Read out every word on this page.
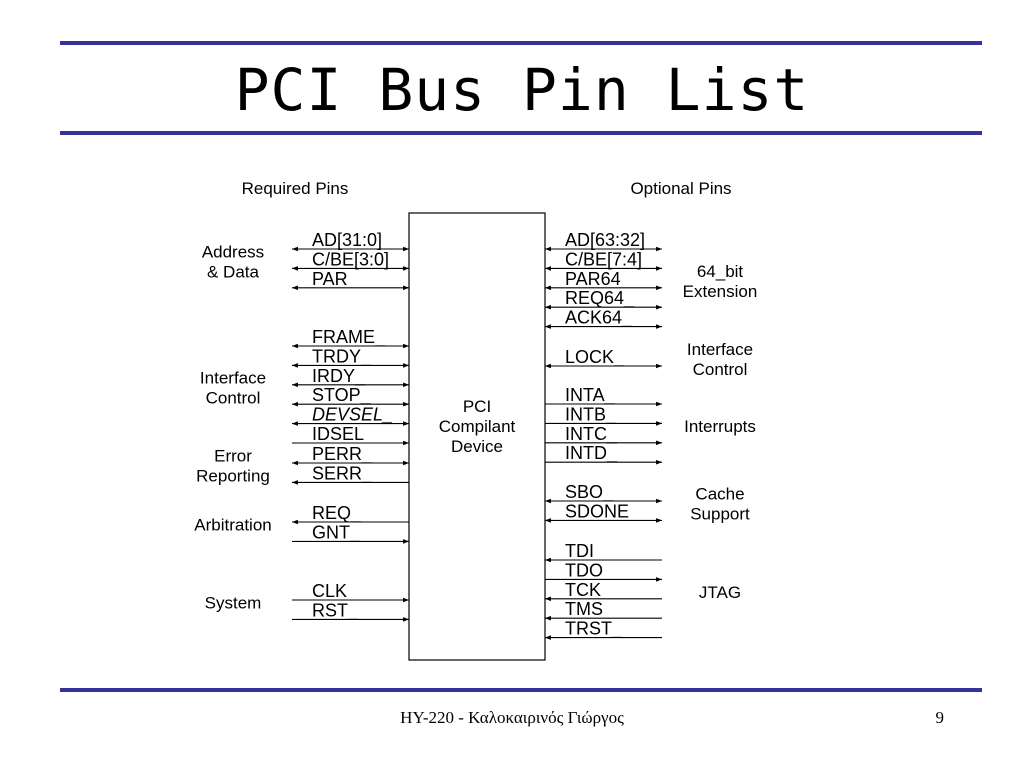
PCI Bus Pin List
Required Pins	Optional Pins
PCI
Compilant
Device
AD[31:0]
C/BE[3:0]
PAR
Address
& Data
FRAME_
TRDY_
IRDY_
STOP_
DEVSEL_
IDSEL
Interface
Control
PERR_
SERR_
Error
Reporting
REQ_
GNT_
Arbitration
CLK
RST_
System
AD[63:32]
C/BE[7:4]
PAR64
REQ64_
ACK64_
64_bit
Extension
LOCK_	Interface
Control
INTA_
INTB_
INTC_
INTD_
Interrupts
SBO_
SDONE
Cache
Support
TDI
TDO
TCK
TMS
TRST_
JTAG
HY-220 - Καλοκαιρινός Γιώργος	9
